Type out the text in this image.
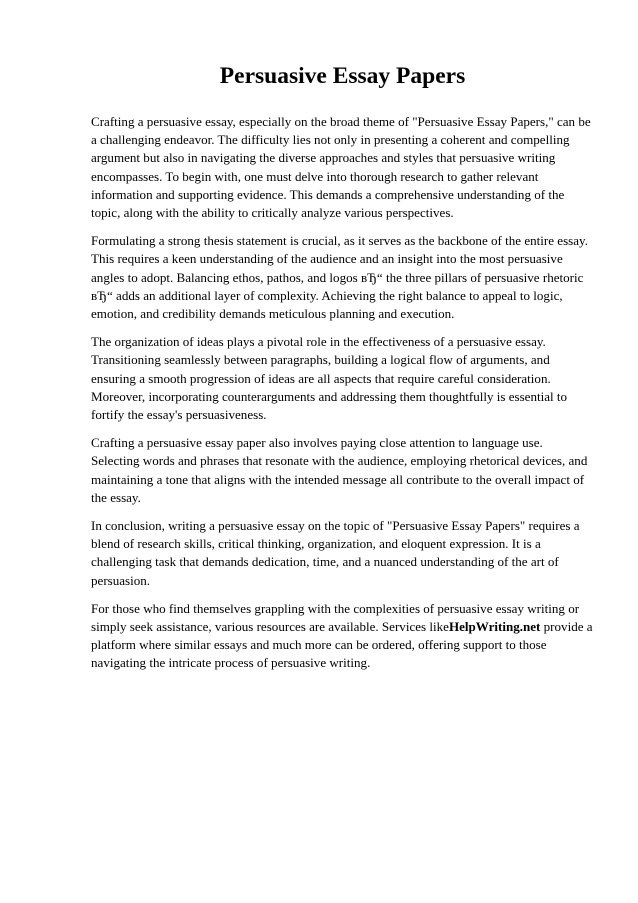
Persuasive Essay Papers

Crafting a persuasive essay, especially on the broad theme of "Persuasive Essay Papers," can be a challenging endeavor. The difficulty lies not only in presenting a coherent and compelling argument but also in navigating the diverse approaches and styles that persuasive writing encompasses. To begin with, one must delve into thorough research to gather relevant information and supporting evidence. This demands a comprehensive understanding of the topic, along with the ability to critically analyze various perspectives.

Formulating a strong thesis statement is crucial, as it serves as the backbone of the entire essay. This requires a keen understanding of the audience and an insight into the most persuasive angles to adopt. Balancing ethos, pathos, and logos вЂ“ the three pillars of persuasive rhetoric вЂ“ adds an additional layer of complexity. Achieving the right balance to appeal to logic, emotion, and credibility demands meticulous planning and execution.

The organization of ideas plays a pivotal role in the effectiveness of a persuasive essay. Transitioning seamlessly between paragraphs, building a logical flow of arguments, and ensuring a smooth progression of ideas are all aspects that require careful consideration. Moreover, incorporating counterarguments and addressing them thoughtfully is essential to fortify the essay's persuasiveness.

Crafting a persuasive essay paper also involves paying close attention to language use. Selecting words and phrases that resonate with the audience, employing rhetorical devices, and maintaining a tone that aligns with the intended message all contribute to the overall impact of the essay.

In conclusion, writing a persuasive essay on the topic of "Persuasive Essay Papers" requires a blend of research skills, critical thinking, organization, and eloquent expression. It is a challenging task that demands dedication, time, and a nuanced understanding of the art of persuasion.

For those who find themselves grappling with the complexities of persuasive essay writing or simply seek assistance, various resources are available. Services likeHelpWriting.net provide a platform where similar essays and much more can be ordered, offering support to those navigating the intricate process of persuasive writing.
